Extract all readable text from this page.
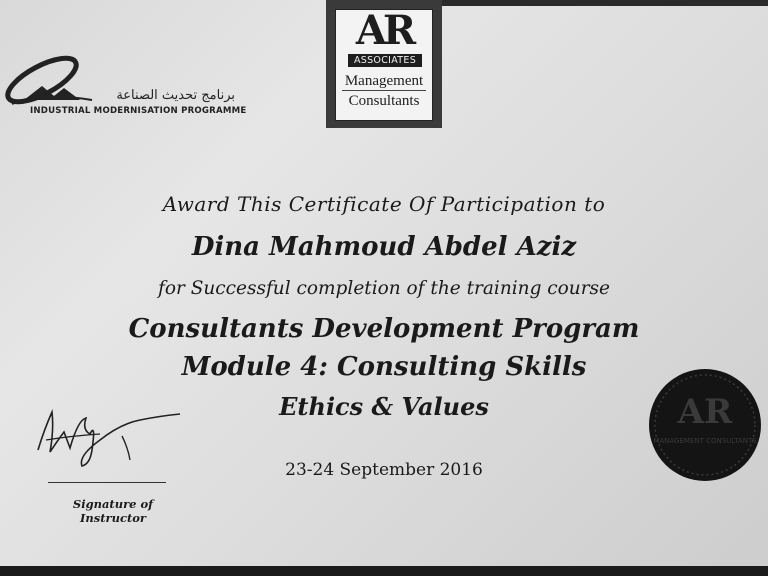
برنامج تحديث الصناعة
INDUSTRIAL MODERNISATION PROGRAMME
AR
ASSOCIATES
Management
Consultants
Award This Certificate Of Participation to
Dina Mahmoud Abdel Aziz
for Successful completion of the training course
Consultants Development Program
Module 4: Consulting Skills
Ethics & Values
23-24 September 2016
Signature of Instructor
AR
MANAGEMENT CONSULTANTS
